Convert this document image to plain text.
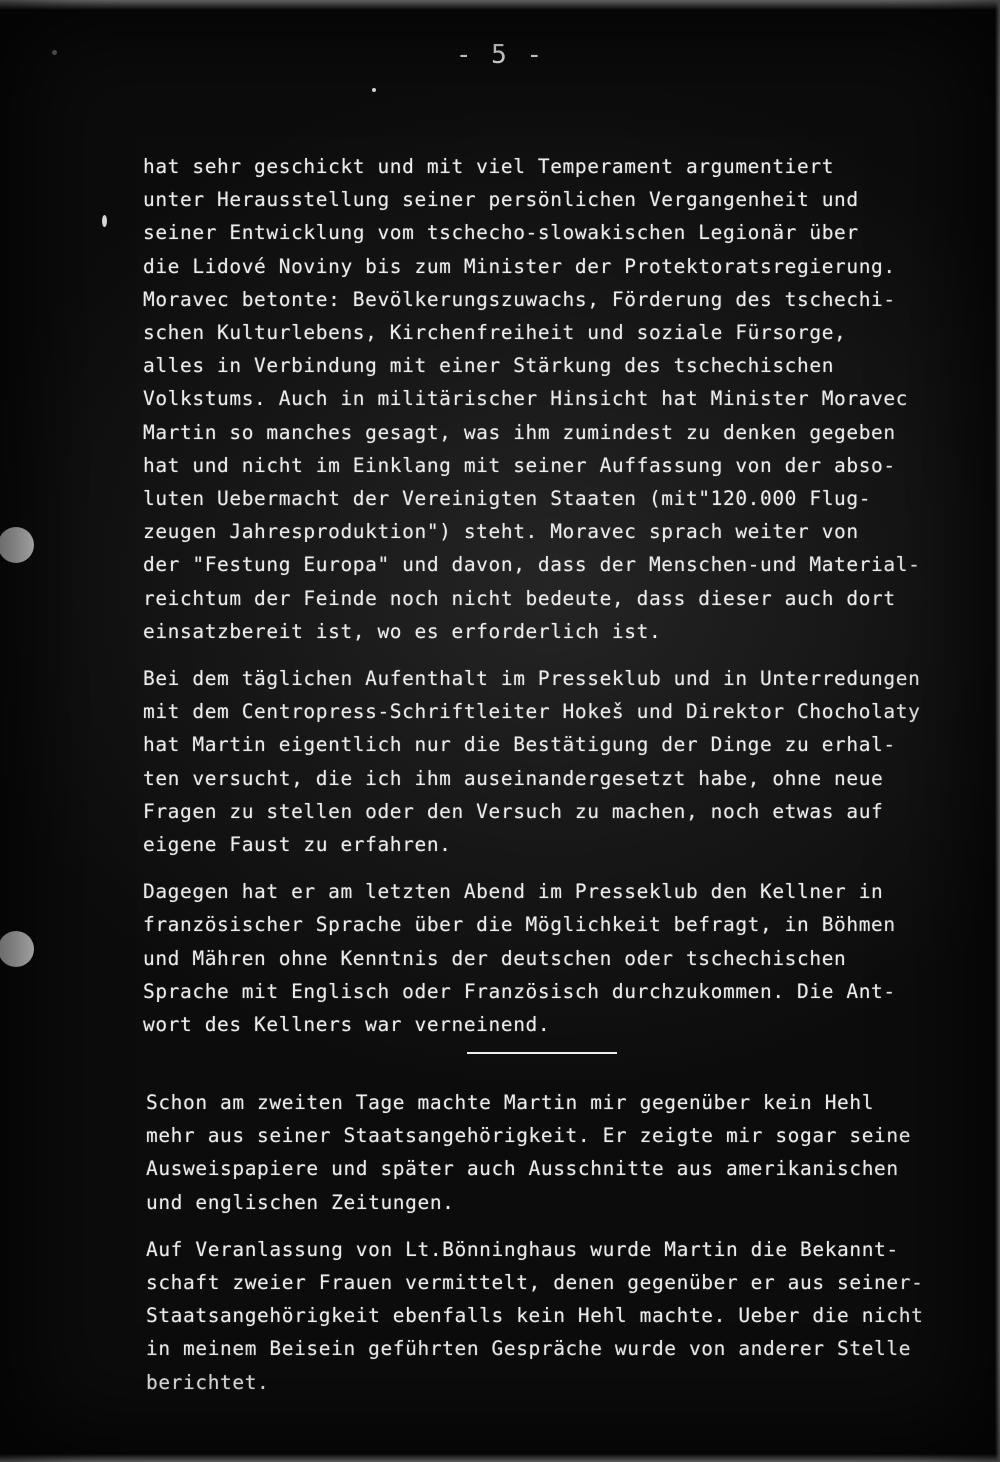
- 5 -
hat sehr geschickt und mit viel Temperament argumentiert
unter Herausstellung seiner persönlichen Vergangenheit und
seiner Entwicklung vom tschecho-slowakischen Legionär über
die Lidové Noviny bis zum Minister der Protektoratsregierung.
Moravec betonte: Bevölkerungszuwachs, Förderung des tschechi-
schen Kulturlebens, Kirchenfreiheit und soziale Fürsorge,
alles in Verbindung mit einer Stärkung des tschechischen
Volkstums. Auch in militärischer Hinsicht hat Minister Moravec
Martin so manches gesagt, was ihm zumindest zu denken gegeben
hat und nicht im Einklang mit seiner Auffassung von der abso-
luten Uebermacht der Vereinigten Staaten (mit"120.000 Flug-
zeugen Jahresproduktion") steht. Moravec sprach weiter von
der "Festung Europa" und davon, dass der Menschen-und Material-
reichtum der Feinde noch nicht bedeute, dass dieser auch dort
einsatzbereit ist, wo es erforderlich ist.
Bei dem täglichen Aufenthalt im Presseklub und in Unterredungen
mit dem Centropress-Schriftleiter Hokeš und Direktor Chocholaty
hat Martin eigentlich nur die Bestätigung der Dinge zu erhal-
ten versucht, die ich ihm auseinandergesetzt habe, ohne neue
Fragen zu stellen oder den Versuch zu machen, noch etwas auf
eigene Faust zu erfahren.
Dagegen hat er am letzten Abend im Presseklub den Kellner in
französischer Sprache über die Möglichkeit befragt, in Böhmen
und Mähren ohne Kenntnis der deutschen oder tschechischen
Sprache mit Englisch oder Französisch durchzukommen. Die Ant-
wort des Kellners war verneinend.
Schon am zweiten Tage machte Martin mir gegenüber kein Hehl
mehr aus seiner Staatsangehörigkeit. Er zeigte mir sogar seine
Ausweispapiere und später auch Ausschnitte aus amerikanischen
und englischen Zeitungen.
Auf Veranlassung von Lt.Bönninghaus wurde Martin die Bekannt-
schaft zweier Frauen vermittelt, denen gegenüber er aus seiner-
Staatsangehörigkeit ebenfalls kein Hehl machte. Ueber die nicht
in meinem Beisein geführten Gespräche wurde von anderer Stelle
berichtet.
